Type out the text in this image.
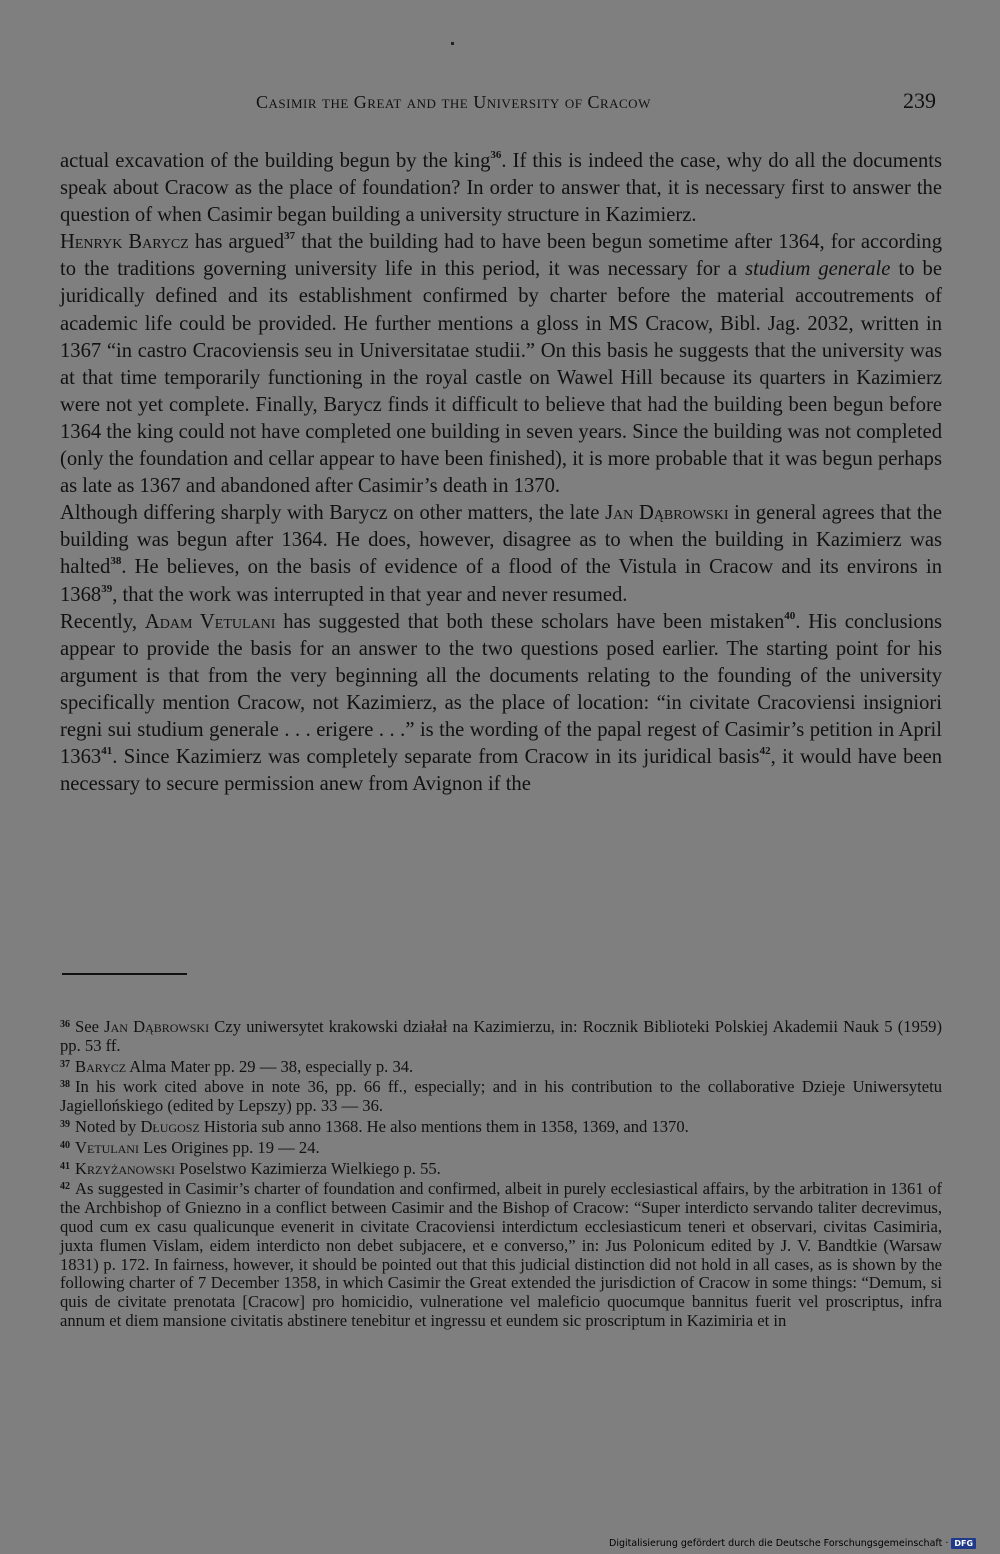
Casimir the Great and the University of Cracow	239

actual excavation of the building begun by the king$^{36}$. If this is indeed the case, why do all the documents speak about Cracow as the place of foundation? In order to answer that, it is necessary first to answer the question of when Casimir began building a university structure in Kazimierz.

Henryk Barycz has argued$^{37}$ that the building had to have been begun sometime after 1364, for according to the traditions governing university life in this period, it was necessary for a studium generale to be juridically defined and its establishment confirmed by charter before the material accoutrements of academic life could be provided. He further mentions a gloss in MS Cracow, Bibl. Jag. 2032, written in 1367 “in castro Cracoviensis seu in Universitatae studii.” On this basis he suggests that the university was at that time temporarily functioning in the royal castle on Wawel Hill because its quarters in Kazimierz were not yet complete. Finally, Barycz finds it difficult to believe that had the building been begun before 1364 the king could not have completed one building in seven years. Since the building was not completed (only the foundation and cellar appear to have been finished), it is more probable that it was begun perhaps as late as 1367 and abandoned after Casimir’s death in 1370.

Although differing sharply with Barycz on other matters, the late Jan Dąbrowski in general agrees that the building was begun after 1364. He does, however, disagree as to when the building in Kazimierz was halted$^{38}$. He believes, on the basis of evidence of a flood of the Vistula in Cracow and its environs in 1368$^{39}$, that the work was interrupted in that year and never resumed.

Recently, Adam Vetulani has suggested that both these scholars have been mistaken$^{40}$. His conclusions appear to provide the basis for an answer to the two questions posed earlier. The starting point for his argument is that from the very beginning all the documents relating to the founding of the university specifically mention Cracow, not Kazimierz, as the place of location: “in civitate Cracoviensi insigniori regni sui studium generale . . . erigere . . .” is the wording of the papal regest of Casimir’s petition in April 1363$^{41}$. Since Kazimierz was completely separate from Cracow in its juridical basis$^{42}$, it would have been necessary to secure permission anew from Avignon if the

$^{36}$ See Jan Dąbrowski Czy uniwersytet krakowski działał na Kazimierzu, in: Rocznik Biblioteki Polskiej Akademii Nauk 5 (1959) pp. 53 ff.

$^{37}$ Barycz Alma Mater pp. 29 — 38, especially p. 34.

$^{38}$ In his work cited above in note 36, pp. 66 ff., especially; and in his contribution to the collaborative Dzieje Uniwersytetu Jagiellońskiego (edited by Lepszy) pp. 33 — 36.

$^{39}$ Noted by Długosz Historia sub anno 1368. He also mentions them in 1358, 1369, and 1370.

$^{40}$ Vetulani Les Origines pp. 19 — 24.

$^{41}$ Krzyżanowski Poselstwo Kazimierza Wielkiego p. 55.

$^{42}$ As suggested in Casimir’s charter of foundation and confirmed, albeit in purely ecclesiastical affairs, by the arbitration in 1361 of the Archbishop of Gniezno in a conflict between Casimir and the Bishop of Cracow: “Super interdicto servando taliter decrevimus, quod cum ex casu qualicunque evenerit in civitate Cracoviensi interdictum ecclesiasticum teneri et observari, civitas Casimiria, juxta flumen Vislam, eidem interdicto non debet subjacere, et e converso,” in: Jus Polonicum edited by J. V. Bandtkie (Warsaw 1831) p. 172. In fairness, however, it should be pointed out that this judicial distinction did not hold in all cases, as is shown by the following charter of 7 December 1358, in which Casimir the Great extended the jurisdiction of Cracow in some things: “Demum, si quis de civitate prenotata [Cracow] pro homicidio, vulneratione vel maleficio quocumque bannitus fuerit vel proscriptus, infra annum et diem mansione civitatis abstinere tenebitur et ingressu et eundem sic proscriptum in Kazimiria et in

Digitalisierung gefördert durch die Deutsche Forschungsgemeinschaft · DFG
